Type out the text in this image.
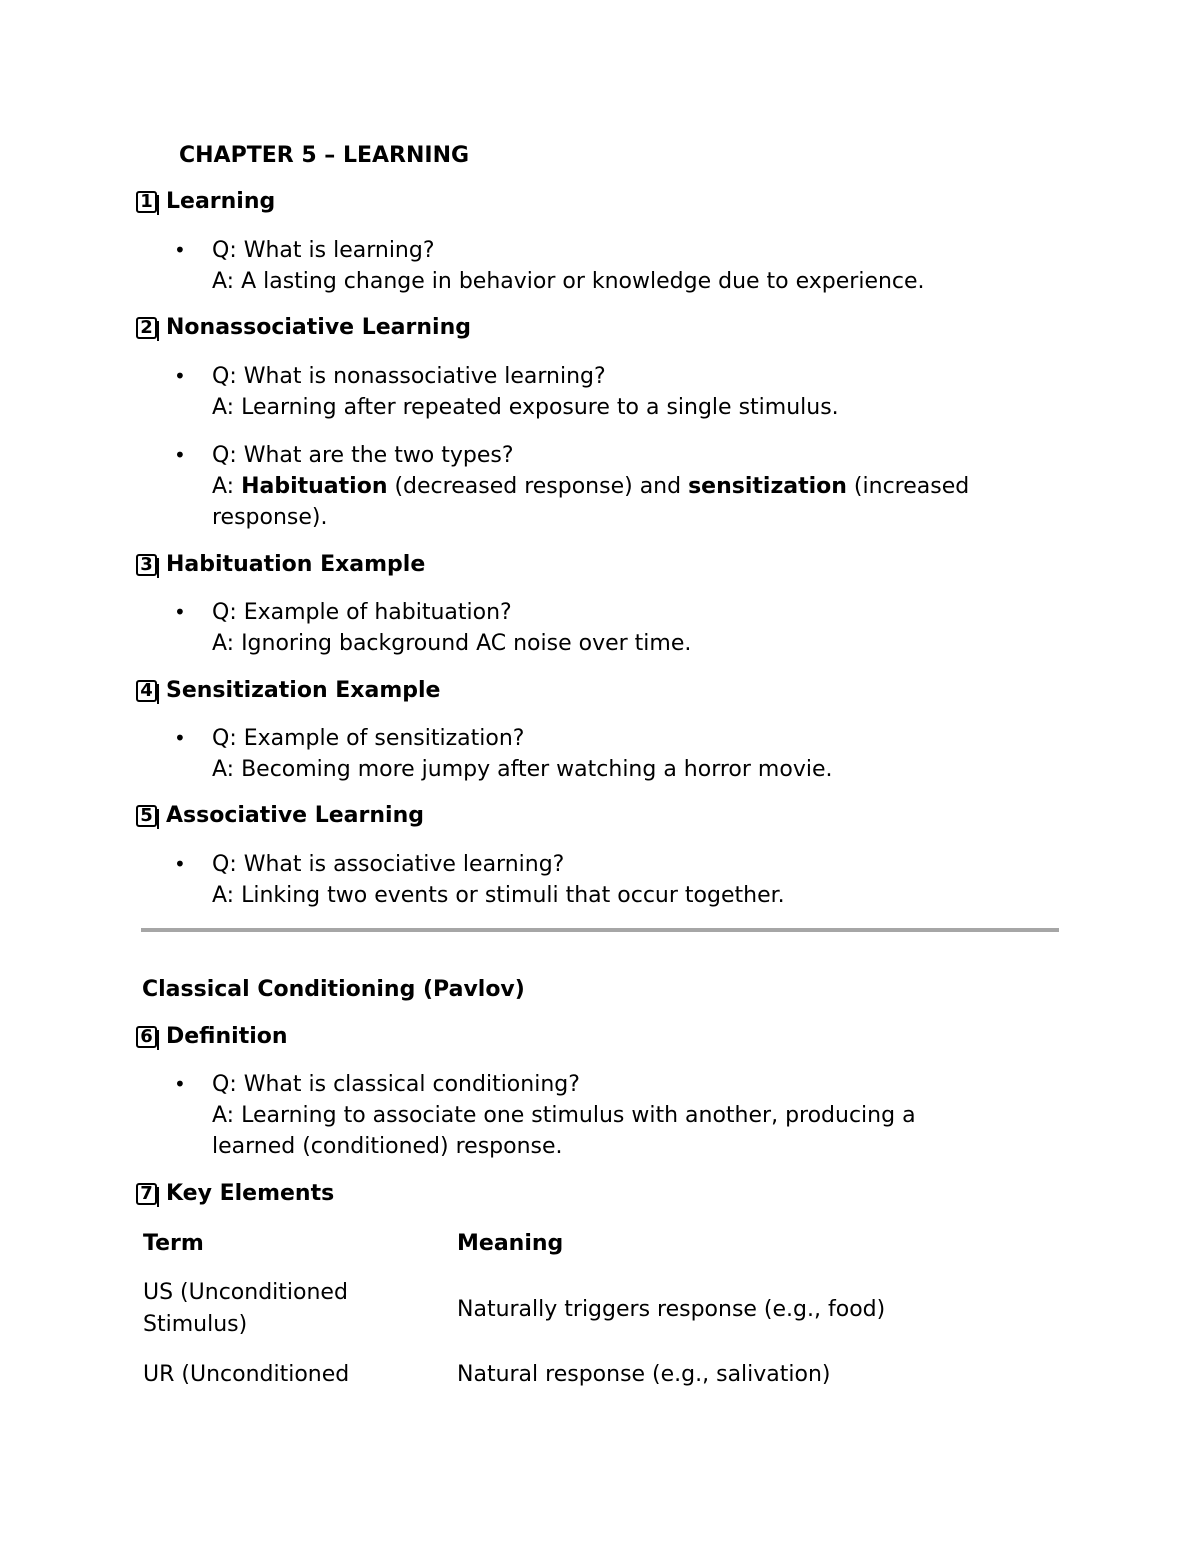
CHAPTER 5 – LEARNING
1 Learning
• Q: What is learning?
A: A lasting change in behavior or knowledge due to experience.
2 Nonassociative Learning
• Q: What is nonassociative learning?
A: Learning after repeated exposure to a single stimulus.
• Q: What are the two types?
A: Habituation (decreased response) and sensitization (increased response).
3 Habituation Example
• Q: Example of habituation?
A: Ignoring background AC noise over time.
4 Sensitization Example
• Q: Example of sensitization?
A: Becoming more jumpy after watching a horror movie.
5 Associative Learning
• Q: What is associative learning?
A: Linking two events or stimuli that occur together.
Classical Conditioning (Pavlov)
6 Definition
• Q: What is classical conditioning?
A: Learning to associate one stimulus with another, producing a learned (conditioned) response.
7 Key Elements
Term	Meaning
US (Unconditioned Stimulus)
Naturally triggers response (e.g., food)
UR (Unconditioned	Natural response (e.g., salivation)
